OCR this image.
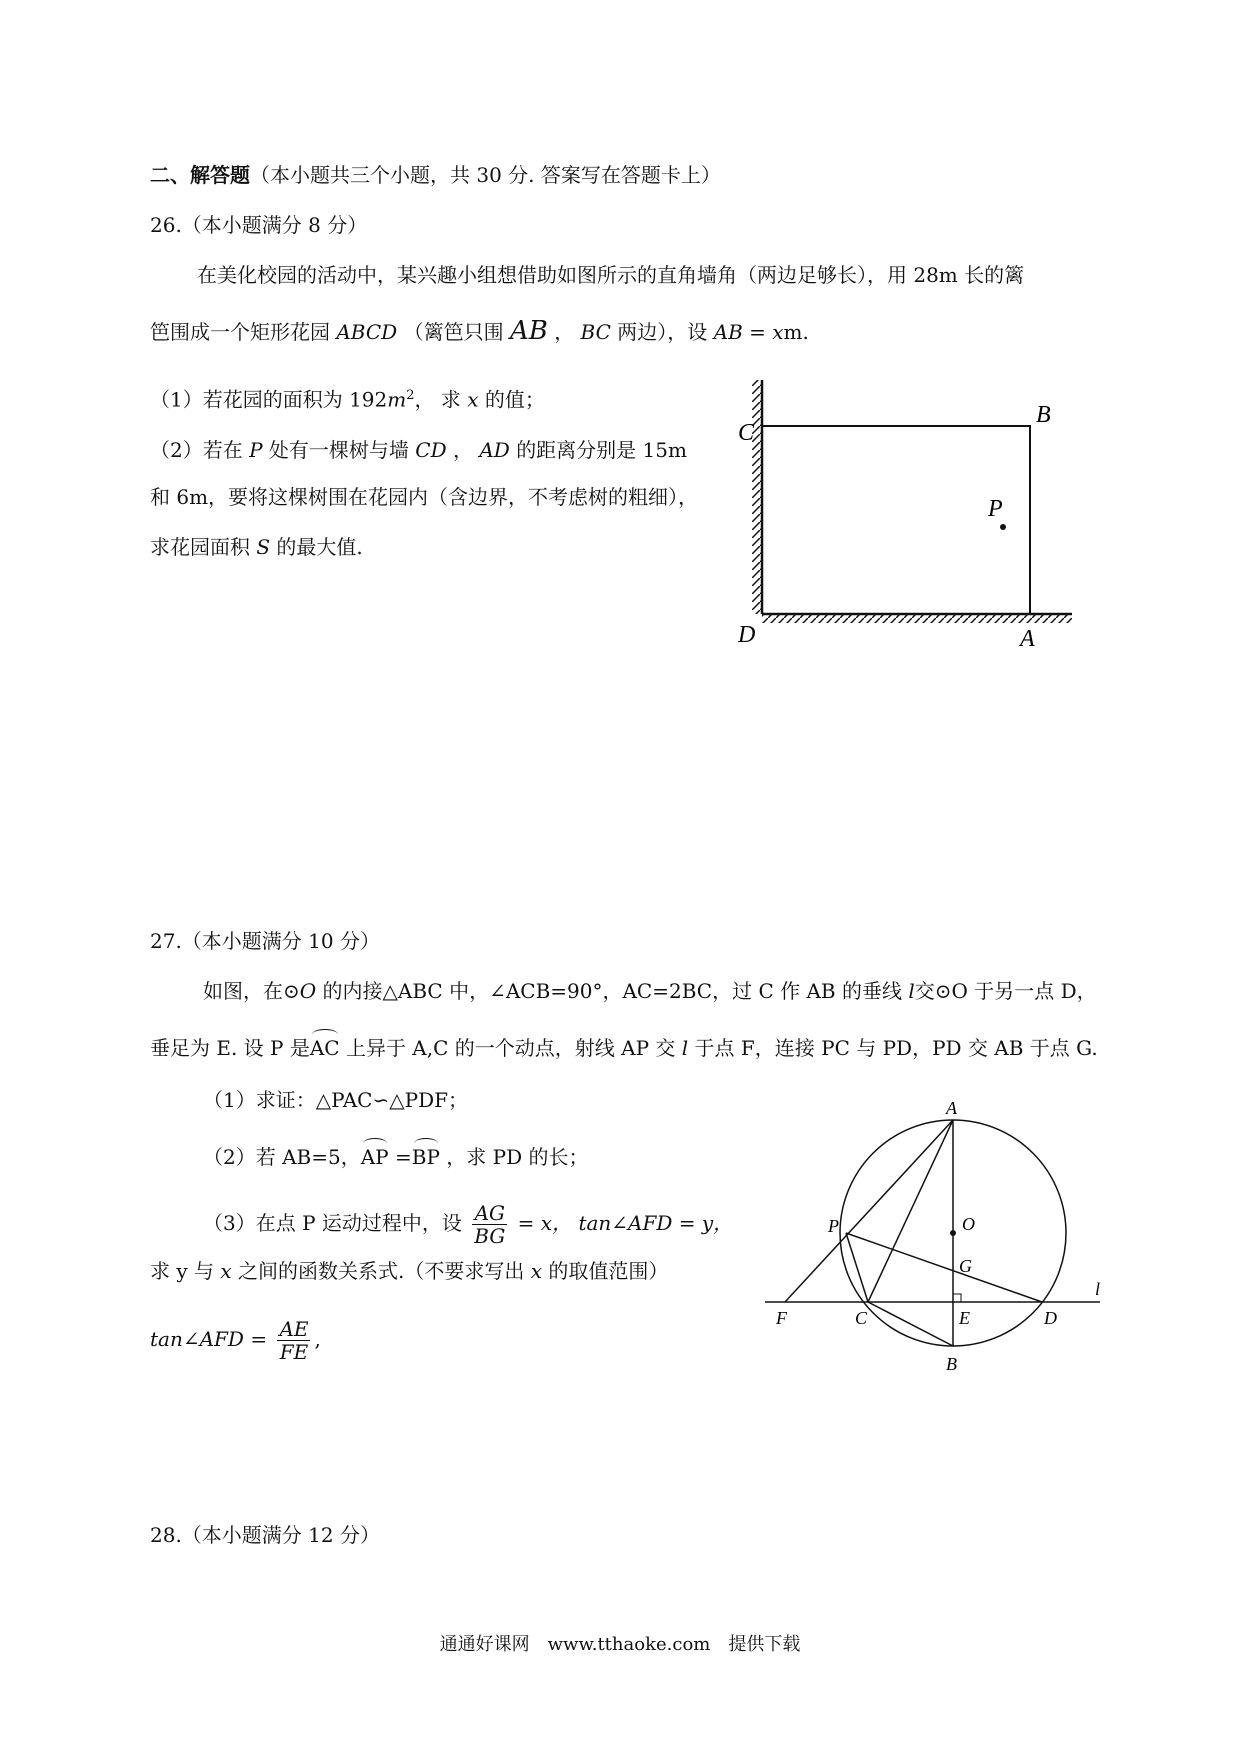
二、解答题（本小题共三个小题，共 30 分. 答案写在答题卡上）
26.（本小题满分 8 分）
在美化校园的活动中，某兴趣小组想借助如图所示的直角墙角（两边足够长），用 28m 长的篱
笆围成一个矩形花园 ABCD （篱笆只围 AB ， BC 两边），设 AB = xm.
（1）若花园的面积为 $192m^2$， 求 x 的值；
（2）若在 P 处有一棵树与墙 CD ， AD 的距离分别是 15m
和 6m，要将这棵树围在花园内（含边界，不考虑树的粗细），
求花园面积 S 的最大值.
C
B
P
D	A
27.（本小题满分 10 分）
如图，在⊙O 的内接△ABC 中，∠ACB=90°，AC=2BC，过 C 作 AB 的垂线 l交⊙O 于另一点 D，
垂足为 E. 设 P 是AC 上异于 A,C 的一个动点，射线 AP 交 l 于点 F，连接 PC 与 PD，PD 交 AB 于点 G.
（1）求证：△PAC∽△PDF；
（2）若 AB=5，AP =BP ，求 PD 的长；
（3）在点 P 运动过程中，设 $\frac{AG}{BG} = x$， tan∠AFD = y，
求 y 与 x 之间的函数关系式.（不要求写出 x 的取值范围）
tan∠AFD = $\frac{AE}{FE}$ ,
A
O
P
G
l
F	C	E	D
B
28.（本小题满分 12 分）
通通好课网　www.tthaoke.com　提供下载
